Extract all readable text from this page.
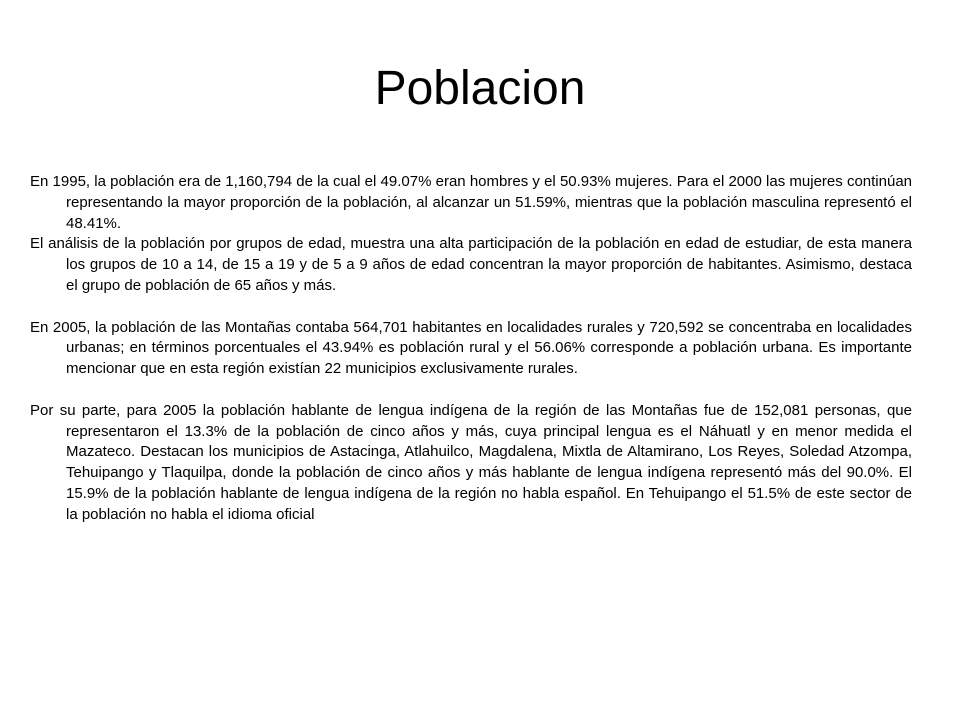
Poblacion

En 1995, la población era de 1,160,794 de la cual el 49.07% eran hombres y el 50.93% mujeres. Para el 2000 las mujeres continúan representando la mayor proporción de la población, al alcanzar un 51.59%, mientras que la población masculina representó el 48.41%.

El análisis de la población por grupos de edad, muestra una alta participación de la población en edad de estudiar, de esta manera los grupos de 10 a 14, de 15 a 19 y de 5 a 9 años de edad concentran la mayor proporción de habitantes. Asimismo, destaca el grupo de población de 65 años y más.

En 2005, la población de las Montañas contaba 564,701 habitantes en localidades rurales y 720,592 se concentraba en localidades urbanas; en términos porcentuales el 43.94% es población rural y el 56.06% corresponde a población urbana. Es importante mencionar que en esta región existían 22 municipios exclusivamente rurales.

Por su parte, para 2005 la población hablante de lengua indígena de la región de las Montañas fue de 152,081 personas, que representaron el 13.3% de la población de cinco años y más, cuya principal lengua es el Náhuatl y en menor medida el Mazateco. Destacan los municipios de Astacinga, Atlahuilco, Magdalena, Mixtla de Altamirano, Los Reyes, Soledad Atzompa, Tehuipango y Tlaquilpa, donde la población de cinco años y más hablante de lengua indígena representó más del 90.0%. El 15.9% de la población hablante de lengua indígena de la región no habla español. En Tehuipango el 51.5% de este sector de la población no habla el idioma oficial
